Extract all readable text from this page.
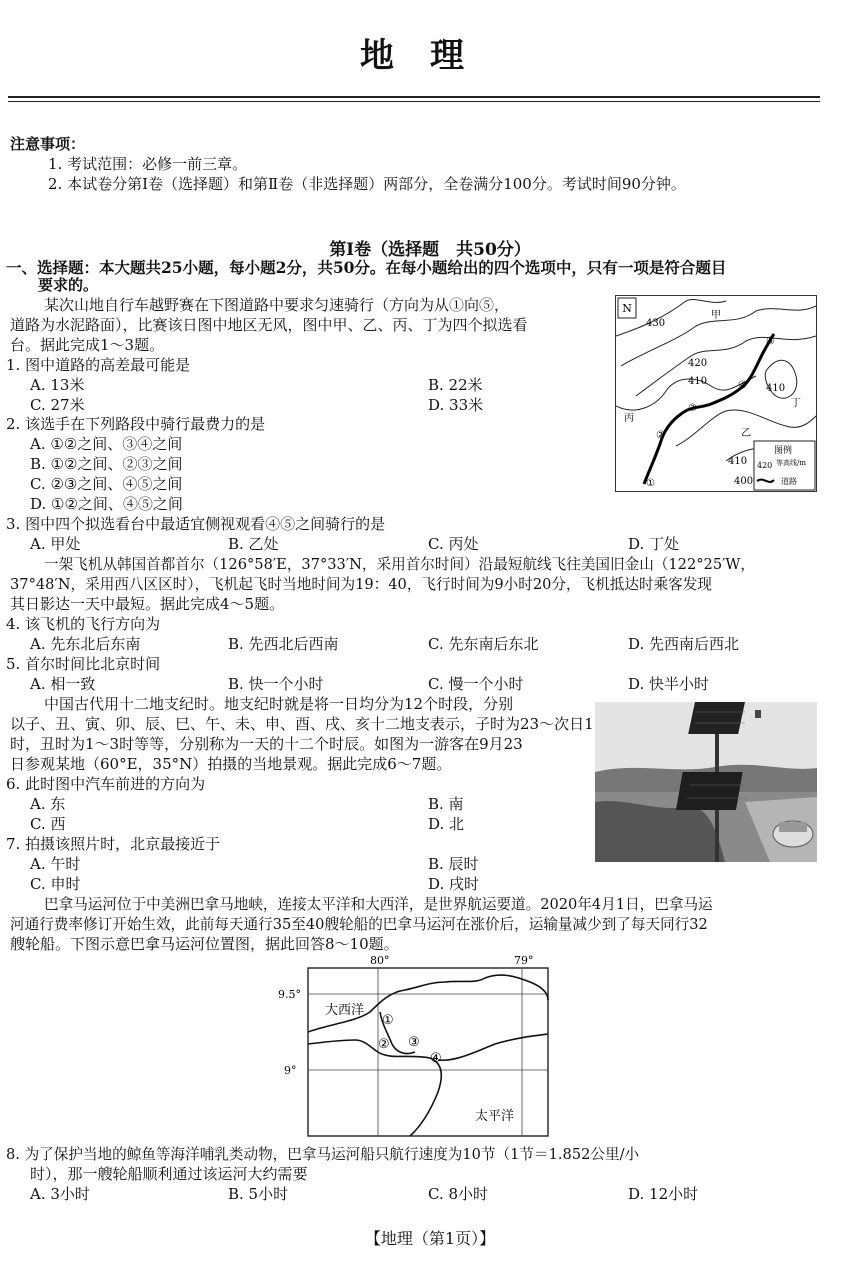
地理
注意事项：
1. 考试范围：必修一前三章。
2. 本试卷分第Ⅰ卷（选择题）和第Ⅱ卷（非选择题）两部分，全卷满分100分。考试时间90分钟。
第Ⅰ卷（选择题　共50分）
一、选择题：本大题共25小题，每小题2分，共50分。在每小题给出的四个选项中，只有一项是符合题目
要求的。
某次山地自行车越野赛在下图道路中要求匀速骑行（方向为从①向⑤，
道路为水泥路面），比赛该日图中地区无风，图中甲、乙、丙、丁为四个拟选看
台。据此完成1～3题。
N
430
甲
420
410
410
丁
丙
乙
410
400
①
②
③
④
⑤
图例
420 等高线/m
道路
1. 图中道路的高差最可能是
A. 13米	B. 22米
C. 27米	D. 33米
2. 该选手在下列路段中骑行最费力的是
A. ①②之间、③④之间
B. ①②之间、②③之间
C. ②③之间、④⑤之间
D. ①②之间、④⑤之间
3. 图中四个拟选看台中最适宜侧视观看④⑤之间骑行的是
A. 甲处	B. 乙处	C. 丙处	D. 丁处
一架飞机从韩国首都首尔（126°58′E，37°33′N，采用首尔时间）沿最短航线飞往美国旧金山（122°25′W，
37°48′N，采用西八区区时），飞机起飞时当地时间为19：40，飞行时间为9小时20分，飞机抵达时乘客发现
其日影达一天中最短。据此完成4～5题。
4. 该飞机的飞行方向为
A. 先东北后东南	B. 先西北后西南	C. 先东南后东北	D. 先西南后西北
5. 首尔时间比北京时间
A. 相一致	B. 快一个小时	C. 慢一个小时	D. 快半小时
中国古代用十二地支纪时。地支纪时就是将一日均分为12个时段，分别
以子、丑、寅、卯、辰、巳、午、未、申、酉、戌、亥十二地支表示，子时为23～次日1
时，丑时为1～3时等等，分别称为一天的十二个时辰。如图为一游客在9月23
日参观某地（60°E，35°N）拍摄的当地景观。据此完成6～7题。
6. 此时图中汽车前进的方向为
A. 东	B. 南
C. 西	D. 北
7. 拍摄该照片时，北京最接近于
A. 午时	B. 辰时
C. 申时	D. 戌时
巴拿马运河位于中美洲巴拿马地峡，连接太平洋和大西洋，是世界航运要道。2020年4月1日，巴拿马运
河通行费率修订开始生效，此前每天通行35至40艘轮船的巴拿马运河在涨价后，运输量减少到了每天同行32
艘轮船。下图示意巴拿马运河位置图，据此回答8～10题。
80°	79°
9.5°
9°
大西洋
太平洋
①
② ③
④
8. 为了保护当地的鲸鱼等海洋哺乳类动物，巴拿马运河船只航行速度为10节（1节＝1.852公里/小
时），那一艘轮船顺利通过该运河大约需要
A. 3小时	B. 5小时	C. 8小时	D. 12小时
【地理（第1页）】
